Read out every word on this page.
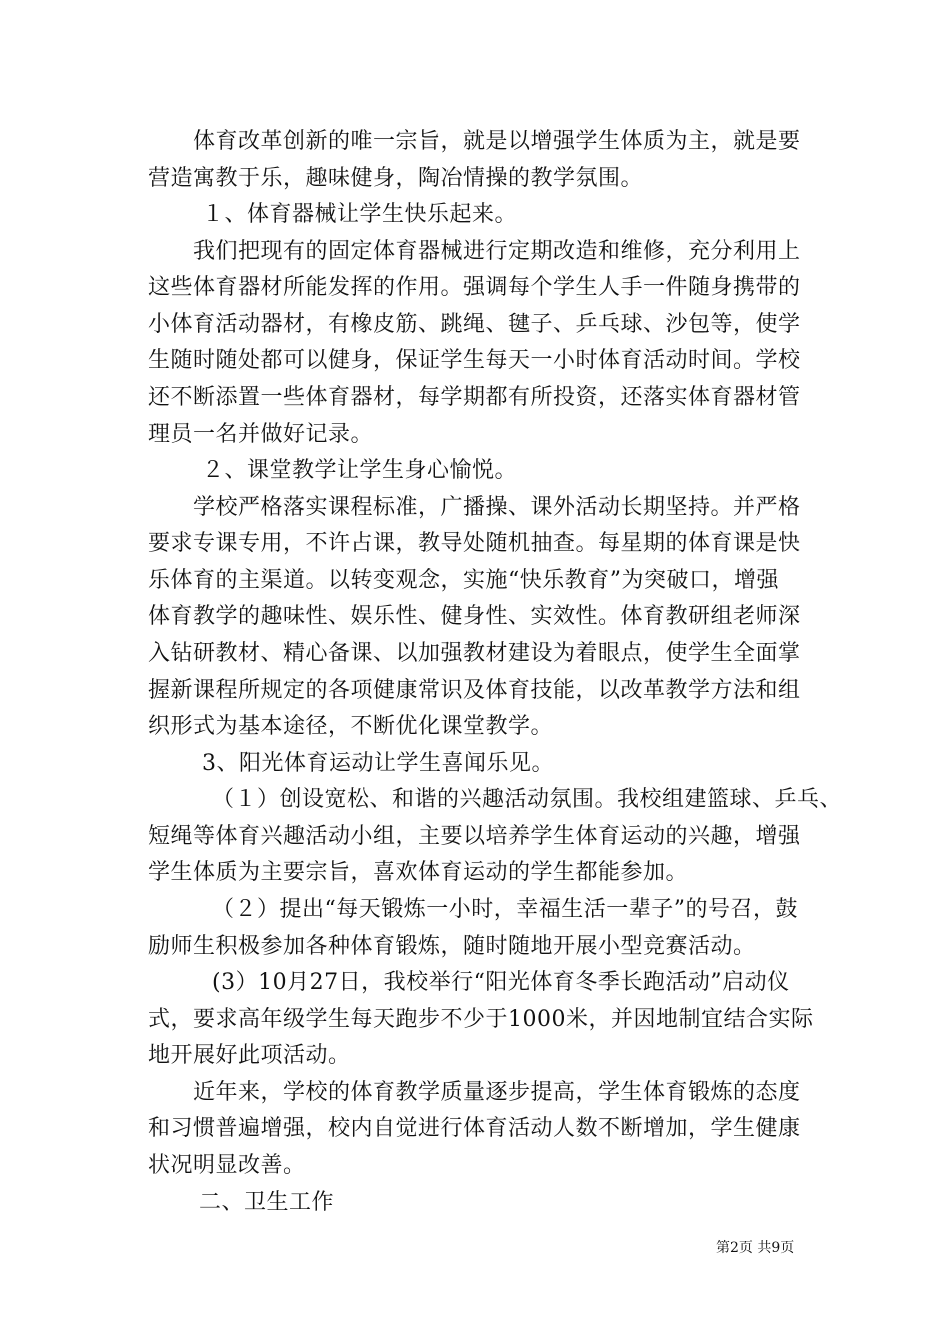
体育改革创新的唯一宗旨，就是以增强学生体质为主，就是要
营造寓教于乐，趣味健身，陶冶情操的教学氛围。
１、体育器械让学生快乐起来。
我们把现有的固定体育器械进行定期改造和维修，充分利用上
这些体育器材所能发挥的作用。强调每个学生人手一件随身携带的
小体育活动器材，有橡皮筋、跳绳、毽子、乒乓球、沙包等，使学
生随时随处都可以健身，保证学生每天一小时体育活动时间。学校
还不断添置一些体育器材，每学期都有所投资，还落实体育器材管
理员一名并做好记录。
２、课堂教学让学生身心愉悦。
学校严格落实课程标准，广播操、课外活动长期坚持。并严格
要求专课专用，不许占课，教导处随机抽查。每星期的体育课是快
乐体育的主渠道。以转变观念，实施“快乐教育”为突破口，增强
体育教学的趣味性、娱乐性、健身性、实效性。体育教研组老师深
入钻研教材、精心备课、以加强教材建设为着眼点，使学生全面掌
握新课程所规定的各项健康常识及体育技能，以改革教学方法和组
织形式为基本途径，不断优化课堂教学。
3、阳光体育运动让学生喜闻乐见。
（１）创设宽松、和谐的兴趣活动氛围。我校组建篮球、乒乓、
短绳等体育兴趣活动小组，主要以培养学生体育运动的兴趣，增强
学生体质为主要宗旨，喜欢体育运动的学生都能参加。
（２）提出“每天锻炼一小时，幸福生活一辈子”的号召，鼓
励师生积极参加各种体育锻炼，随时随地开展小型竞赛活动。
(3）10月27日，我校举行“阳光体育冬季长跑活动”启动仪
式，要求高年级学生每天跑步不少于1000米，并因地制宜结合实际
地开展好此项活动。
近年来，学校的体育教学质量逐步提高，学生体育锻炼的态度
和习惯普遍增强，校内自觉进行体育活动人数不断增加，学生健康
状况明显改善。
二、卫生工作
第2页 共9页
